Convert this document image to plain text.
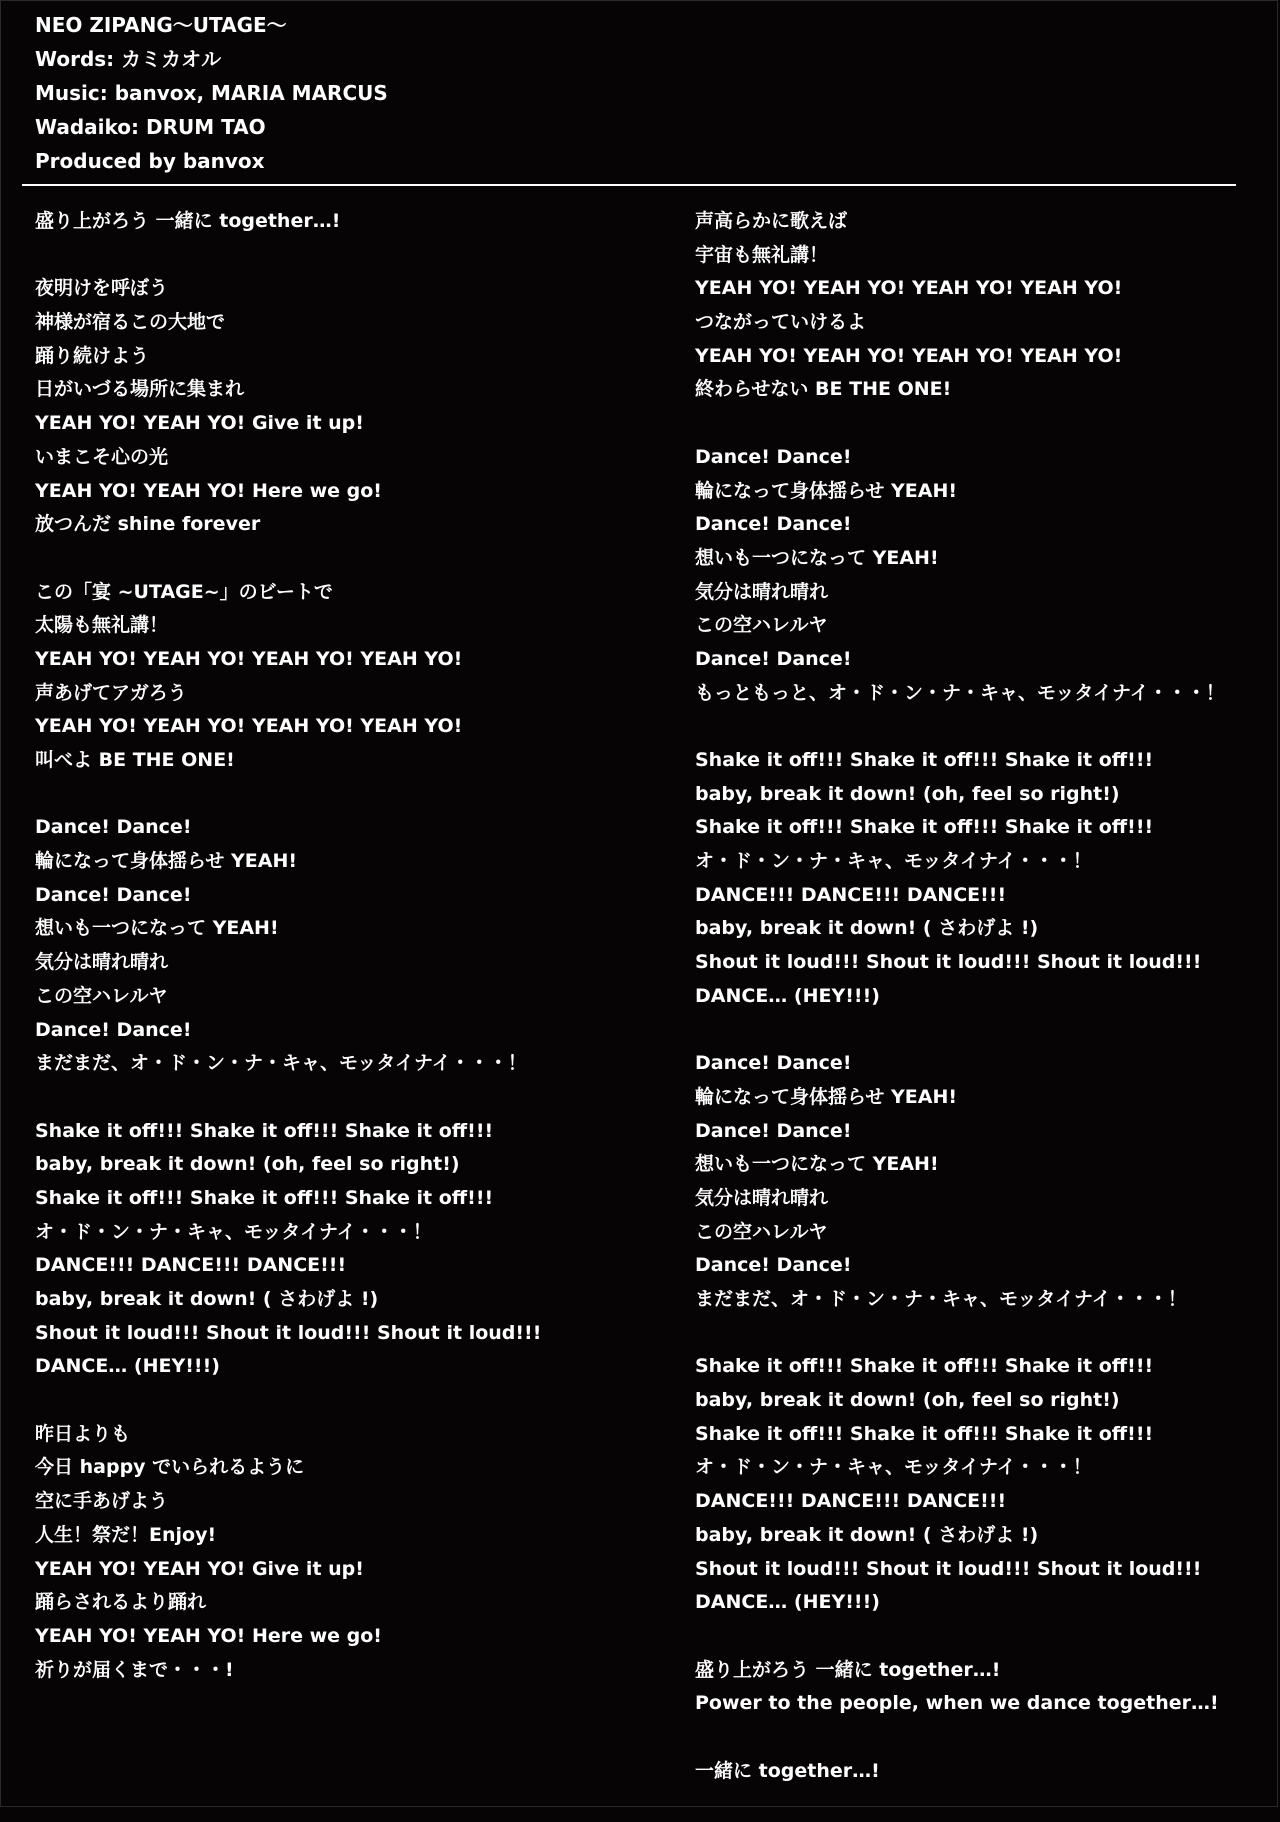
NEO ZIPANG〜UTAGE〜
Words: カミカオル
Music: banvox, MARIA MARCUS
Wadaiko: DRUM TAO
Produced by banvox
盛り上がろう 一緒に together…!
夜明けを呼ぼう
神様が宿るこの大地で
踊り続けよう
日がいづる場所に集まれ
YEAH YO! YEAH YO! Give it up!
いまこそ心の光
YEAH YO! YEAH YO! Here we go!
放つんだ shine forever
この「宴 ~UTAGE~」のビートで
太陽も無礼講！
YEAH YO! YEAH YO! YEAH YO! YEAH YO!
声あげてアガろう
YEAH YO! YEAH YO! YEAH YO! YEAH YO!
叫べよ BE THE ONE!
Dance! Dance!
輪になって身体揺らせ YEAH!
Dance! Dance!
想いも一つになって YEAH!
気分は晴れ晴れ
この空ハレルヤ
Dance! Dance!
まだまだ、オ・ド・ン・ナ・キャ、モッタイナイ・・・！
Shake it off!!! Shake it off!!! Shake it off!!!
baby, break it down! (oh, feel so right!)
Shake it off!!! Shake it off!!! Shake it off!!!
オ・ド・ン・ナ・キャ、モッタイナイ・・・！
DANCE!!! DANCE!!! DANCE!!!
baby, break it down! ( さわげよ !)
Shout it loud!!! Shout it loud!!! Shout it loud!!!
DANCE… (HEY!!!)
昨日よりも
今日 happy でいられるように
空に手あげよう
人生！祭だ！Enjoy!
YEAH YO! YEAH YO! Give it up!
踊らされるより踊れ
YEAH YO! YEAH YO! Here we go!
祈りが届くまで・・・!
声高らかに歌えば
宇宙も無礼講！
YEAH YO! YEAH YO! YEAH YO! YEAH YO!
つながっていけるよ
YEAH YO! YEAH YO! YEAH YO! YEAH YO!
終わらせない BE THE ONE!
Dance! Dance!
輪になって身体揺らせ YEAH!
Dance! Dance!
想いも一つになって YEAH!
気分は晴れ晴れ
この空ハレルヤ
Dance! Dance!
もっともっと、オ・ド・ン・ナ・キャ、モッタイナイ・・・！
Shake it off!!! Shake it off!!! Shake it off!!!
baby, break it down! (oh, feel so right!)
Shake it off!!! Shake it off!!! Shake it off!!!
オ・ド・ン・ナ・キャ、モッタイナイ・・・！
DANCE!!! DANCE!!! DANCE!!!
baby, break it down! ( さわげよ !)
Shout it loud!!! Shout it loud!!! Shout it loud!!!
DANCE… (HEY!!!)
Dance! Dance!
輪になって身体揺らせ YEAH!
Dance! Dance!
想いも一つになって YEAH!
気分は晴れ晴れ
この空ハレルヤ
Dance! Dance!
まだまだ、オ・ド・ン・ナ・キャ、モッタイナイ・・・！
Shake it off!!! Shake it off!!! Shake it off!!!
baby, break it down! (oh, feel so right!)
Shake it off!!! Shake it off!!! Shake it off!!!
オ・ド・ン・ナ・キャ、モッタイナイ・・・！
DANCE!!! DANCE!!! DANCE!!!
baby, break it down! ( さわげよ !)
Shout it loud!!! Shout it loud!!! Shout it loud!!!
DANCE… (HEY!!!)
盛り上がろう 一緒に together…!
Power to the people, when we dance together…!
一緒に together…!
